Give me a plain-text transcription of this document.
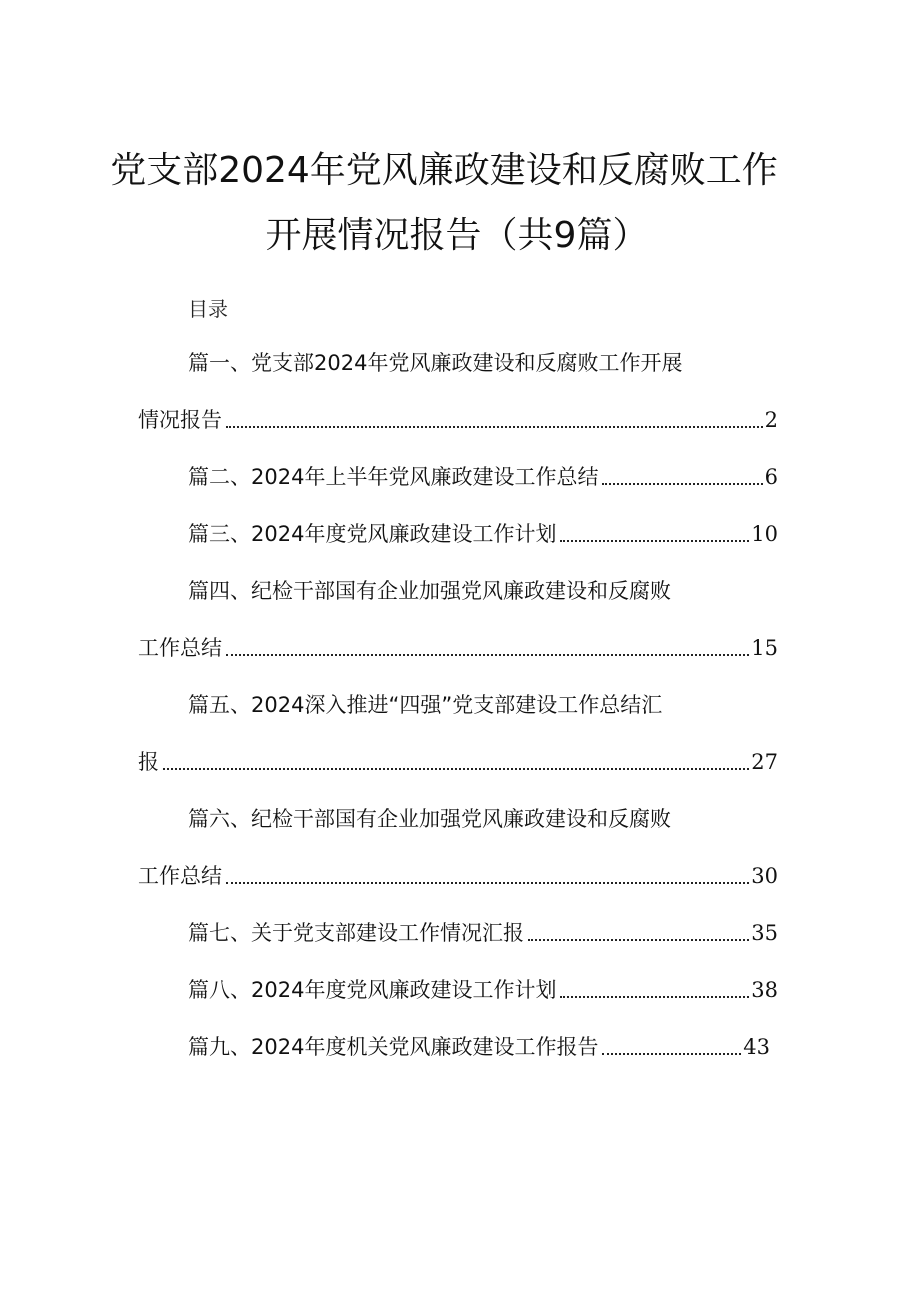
党支部2024年党风廉政建设和反腐败工作
开展情况报告（共9篇）
目录
篇一、党支部2024年党风廉政建设和反腐败工作开展
情况报告	2
篇二、2024年上半年党风廉政建设工作总结	6
篇三、2024年度党风廉政建设工作计划	10
篇四、纪检干部国有企业加强党风廉政建设和反腐败
工作总结	15
篇五、2024深入推进“四强”党支部建设工作总结汇
报	27
篇六、纪检干部国有企业加强党风廉政建设和反腐败
工作总结	30
篇七、关于党支部建设工作情况汇报	35
篇八、2024年度党风廉政建设工作计划	38
篇九、2024年度机关党风廉政建设工作报告	43
